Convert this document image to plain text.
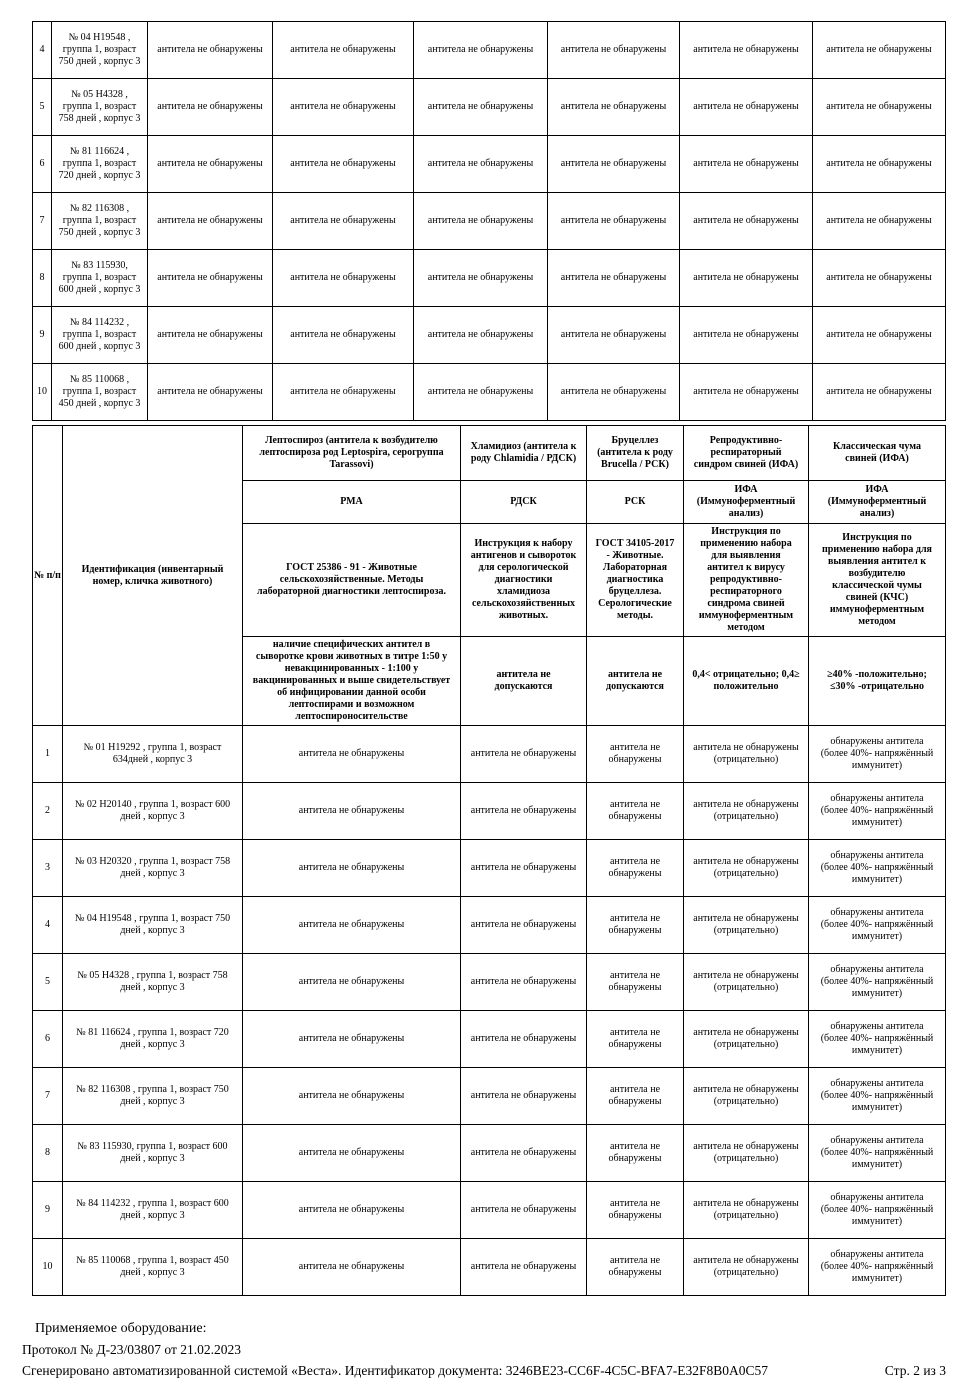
4	№ 04 H19548 , группа 1, возраст 750 дней , корпус 3	антитела не обнаружены	антитела не обнаружены	антитела не обнаружены	антитела не обнаружены	антитела не обнаружены	антитела не обнаружены
5	№ 05 H4328 , группа 1, возраст 758 дней , корпус 3	антитела не обнаружены	антитела не обнаружены	антитела не обнаружены	антитела не обнаружены	антитела не обнаружены	антитела не обнаружены
6	№ 81 116624 , группа 1, возраст 720 дней , корпус 3	антитела не обнаружены	антитела не обнаружены	антитела не обнаружены	антитела не обнаружены	антитела не обнаружены	антитела не обнаружены
7	№ 82 116308 , группа 1, возраст 750 дней , корпус 3	антитела не обнаружены	антитела не обнаружены	антитела не обнаружены	антитела не обнаружены	антитела не обнаружены	антитела не обнаружены
8	№ 83 115930, группа 1, возраст 600 дней , корпус 3	антитела не обнаружены	антитела не обнаружены	антитела не обнаружены	антитела не обнаружены	антитела не обнаружены	антитела не обнаружены
9	№ 84 114232 , группа 1, возраст 600 дней , корпус 3	антитела не обнаружены	антитела не обнаружены	антитела не обнаружены	антитела не обнаружены	антитела не обнаружены	антитела не обнаружены
10	№ 85 110068 , группа 1, возраст 450 дней , корпус 3	антитела не обнаружены	антитела не обнаружены	антитела не обнаружены	антитела не обнаружены	антитела не обнаружены	антитела не обнаружены
№ п/п	Идентификация (инвентарный номер, кличка животного)	Лептоспироз (антитела к возбудителю лептоспироза род Leptospira, серогруппа Tarassovi)	Хламидиоз (антитела к роду Chlamidia / РДСК)	Бруцеллез (антитела к роду Brucella / РСК)	Репродуктивно-респираторный синдром свиней (ИФА)	Классическая чума свиней (ИФА)
		РМА	РДСК	РСК	ИФА (Иммуноферментный анализ)	ИФА (Иммуноферментный анализ)
		ГОСТ 25386 - 91 - Животные сельскохозяйственные. Методы лабораторной диагностики лептоспироза.	Инструкция к набору антигенов и сывороток для серологической диагностики хламидиоза сельскохозяйственных животных.	ГОСТ 34105-2017 - Животные. Лабораторная диагностика бруцеллеза. Серологические методы.	Инструкция по применению набора для выявления антител к вирусу репродуктивно-респираторного синдрома свиней иммуноферментным методом	Инструкция по применению набора для выявления антител к возбудителю классической чумы свиней (КЧС) иммуноферментным методом
		наличие специфических антител в сыворотке крови животных в титре 1:50 у невакцинированных - 1:100 у вакцинированных и выше свидетельствует об инфицировании данной особи лептоспирами и возможном лептоспироносительстве	антитела не допускаются	антитела не допускаются	0,4< отрицательно; 0,4≥ положительно	≥40% -положительно; ≤30% -отрицательно
1	№ 01 H19292 , группа 1, возраст 634дней , корпус 3	антитела не обнаружены	антитела не обнаружены	антитела не обнаружены	антитела не обнаружены (отрицательно)	обнаружены антитела (более 40%- напряжённый иммунитет)
2	№ 02 H20140 , группа 1, возраст 600 дней , корпус 3	антитела не обнаружены	антитела не обнаружены	антитела не обнаружены	антитела не обнаружены (отрицательно)	обнаружены антитела (более 40%- напряжённый иммунитет)
3	№ 03 H20320 , группа 1, возраст 758 дней , корпус 3	антитела не обнаружены	антитела не обнаружены	антитела не обнаружены	антитела не обнаружены (отрицательно)	обнаружены антитела (более 40%- напряжённый иммунитет)
4	№ 04 H19548 , группа 1, возраст 750 дней , корпус 3	антитела не обнаружены	антитела не обнаружены	антитела не обнаружены	антитела не обнаружены (отрицательно)	обнаружены антитела (более 40%- напряжённый иммунитет)
5	№ 05 H4328 , группа 1, возраст 758 дней , корпус 3	антитела не обнаружены	антитела не обнаружены	антитела не обнаружены	антитела не обнаружены (отрицательно)	обнаружены антитела (более 40%- напряжённый иммунитет)
6	№ 81 116624 , группа 1, возраст 720 дней , корпус 3	антитела не обнаружены	антитела не обнаружены	антитела не обнаружены	антитела не обнаружены (отрицательно)	обнаружены антитела (более 40%- напряжённый иммунитет)
7	№ 82 116308 , группа 1, возраст 750 дней , корпус 3	антитела не обнаружены	антитела не обнаружены	антитела не обнаружены	антитела не обнаружены (отрицательно)	обнаружены антитела (более 40%- напряжённый иммунитет)
8	№ 83 115930, группа 1, возраст 600 дней , корпус 3	антитела не обнаружены	антитела не обнаружены	антитела не обнаружены	антитела не обнаружены (отрицательно)	обнаружены антитела (более 40%- напряжённый иммунитет)
9	№ 84 114232 , группа 1, возраст 600 дней , корпус 3	антитела не обнаружены	антитела не обнаружены	антитела не обнаружены	антитела не обнаружены (отрицательно)	обнаружены антитела (более 40%- напряжённый иммунитет)
10	№ 85 110068 , группа 1, возраст 450 дней , корпус 3	антитела не обнаружены	антитела не обнаружены	антитела не обнаружены	антитела не обнаружены (отрицательно)	обнаружены антитела (более 40%- напряжённый иммунитет)
Применяемое оборудование:
Протокол № Д-23/03807 от 21.02.2023
Сгенерировано автоматизированной системой «Веста». Идентификатор документа: 3246BE23-CC6F-4C5C-BFA7-E32F8B0A0C57	Стр. 2 из 3
